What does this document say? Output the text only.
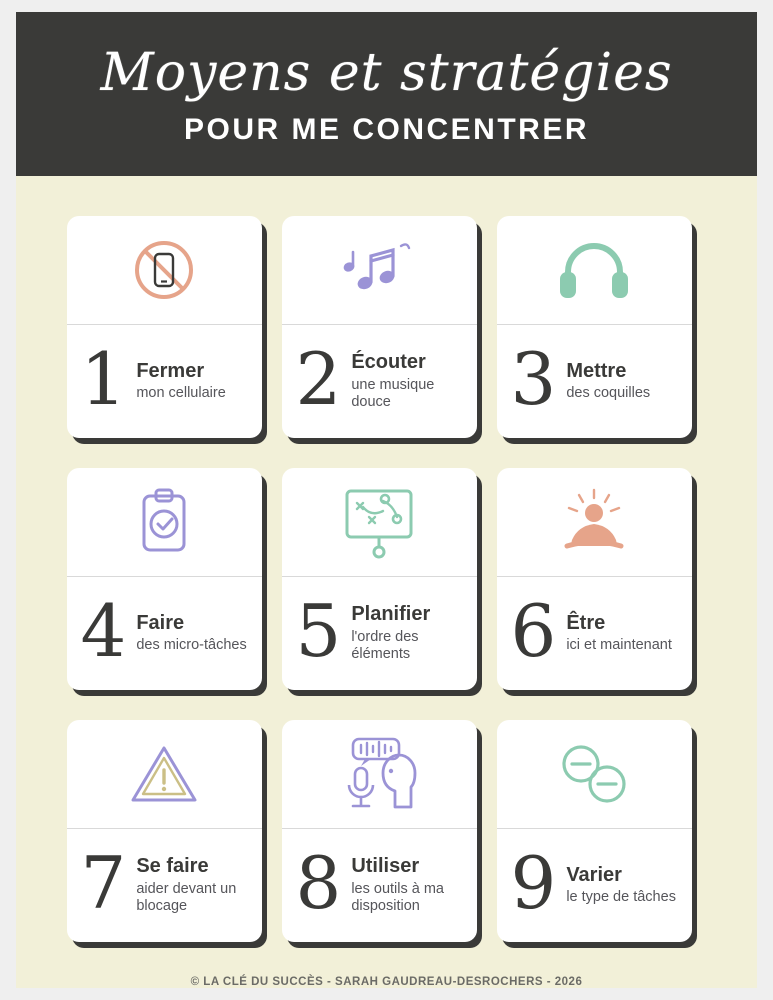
Moyens et stratégies
POUR ME CONCENTRER
1 Fermer
mon cellulaire 2 Écouter
une musique douce	3 Mettre
des coquilles
4 Faire
des micro-tâches 5 Planifier
l'ordre des éléments	6 Être
ici et maintenant
7 Se faire
aider devant un blocage	8 Utiliser
les outils à ma disposition	9 Varier
le type de tâches
© LA CLÉ DU SUCCÈS - SARAH GAUDREAU-DESROCHERS - 2026
